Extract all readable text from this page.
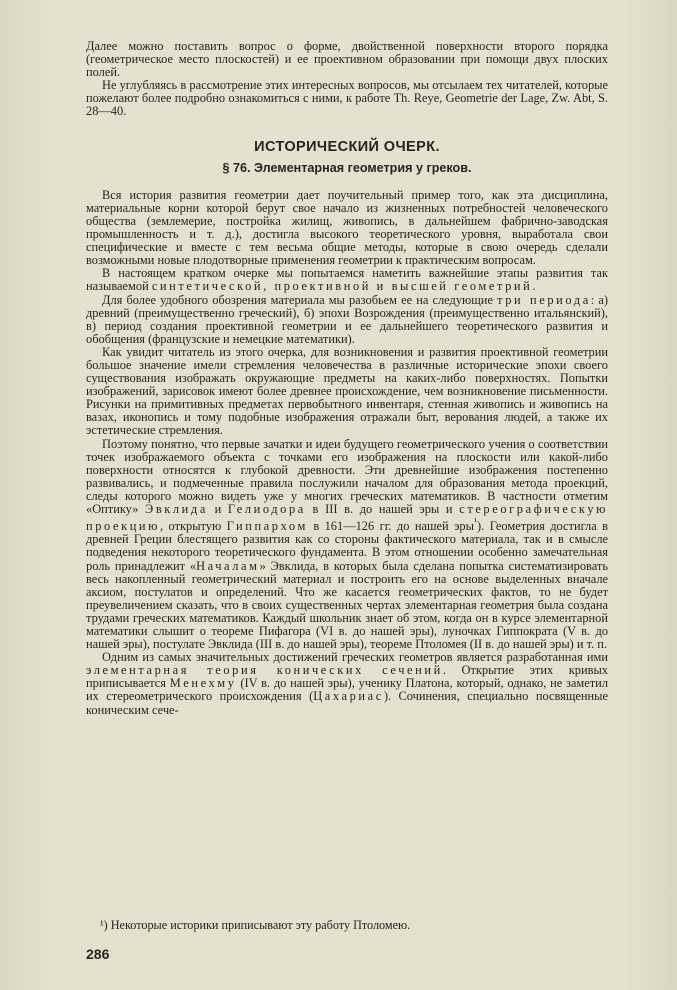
Далее можно поставить вопрос о форме, двойственной поверхности второго порядка (геометрическое место плоскостей) и ее проективном образовании при помощи двух плоских полей.

Не углубляясь в рассмотрение этих интересных вопросов, мы отсылаем тех читателей, которые пожелают более подробно ознакомиться с ними, к работе Th. Reye, Geometrie der Lage, Zw. Abt, S. 28—40.

ИСТОРИЧЕСКИЙ ОЧЕРК.
§ 76. Элементарная геометрия у греков.

Вся история развития геометрии дает поучительный пример того, как эта дисциплина, материальные корни которой берут свое начало из жизненных потребностей человеческого общества (землемерие, постройка жилищ, живопись, в дальнейшем фабрично-заводская промышленность и т. д.), достигла высокого теоретического уровня, выработала свои специфические и вместе с тем весьма общие методы, которые в свою очередь сделали возможными новые плодотворные применения геометрии к практическим вопросам.

В настоящем кратком очерке мы попытаемся наметить важнейшие этапы развития так называемой синтетической, проективной и высшей геометрий.

Для более удобного обозрения материала мы разобьем ее на следующие три периода: а) древний (преимущественно греческий), б) эпохи Возрождения (преимущественно итальянский), в) период создания проективной геометрии и ее дальнейшего теоретического развития и обобщения (французские и немецкие математики).

Как увидит читатель из этого очерка, для возникновения и развития проективной геометрии большое значение имели стремления человечества в различные исторические эпохи своего существования изображать окружающие предметы на каких-либо поверхностях. Попытки изображений, зарисовок имеют более древнее происхождение, чем возникновение письменности. Рисунки на примитивных предметах первобытного инвентаря, стенная живопись и живопись на вазах, иконопись и тому подобные изображения отражали быт, верования людей, а также их эстетические стремления.

Поэтому понятно, что первые зачатки и идеи будущего геометрического учения о соответствии точек изображаемого объекта с точками его изображения на плоскости или какой-либо поверхности относятся к глубокой древности. Эти древнейшие изображения постепенно развивались, и подмеченные правила послужили началом для образования метода проекций, следы которого можно видеть уже у многих греческих математиков. В частности отметим «Оптику» Эвклида и Гелиодора в III в. до нашей эры и стереографическую проекцию, открытую Гиппархом в 161—126 гг. до нашей эры$^{^1}$). Геометрия достигла в древней Греции блестящего развития как со стороны фактического материала, так и в смысле подведения некоторого теоретического фундамента. В этом отношении особенно замечательная роль принадлежит «Началам» Эвклида, в которых была сделана попытка систематизировать весь накопленный геометрический материал и построить его на основе выделенных вначале аксиом, постулатов и определений. Что же касается геометрических фактов, то не будет преувеличением сказать, что в своих существенных чертах элементарная геометрия была создана трудами греческих математиков. Каждый школьник знает об этом, когда он в курсе элементарной математики слышит о теореме Пифагора (VI в. до нашей эры), луночках Гиппократа (V в. до нашей эры), постулате Эвклида (III в. до нашей эры), теореме Птоломея (II в. до нашей эры) и т. п.

Одним из самых значительных достижений греческих геометров является разработанная ими элементарная теория конических сечений. Открытие этих кривых приписывается Менехму (IV в. до нашей эры), ученику Платона, который, однако, не заметил их стереометрического происхождения (Цахариас). Сочинения, специально посвященные коническим сече-

¹) Некоторые историки приписывают эту работу Птоломею.
286
